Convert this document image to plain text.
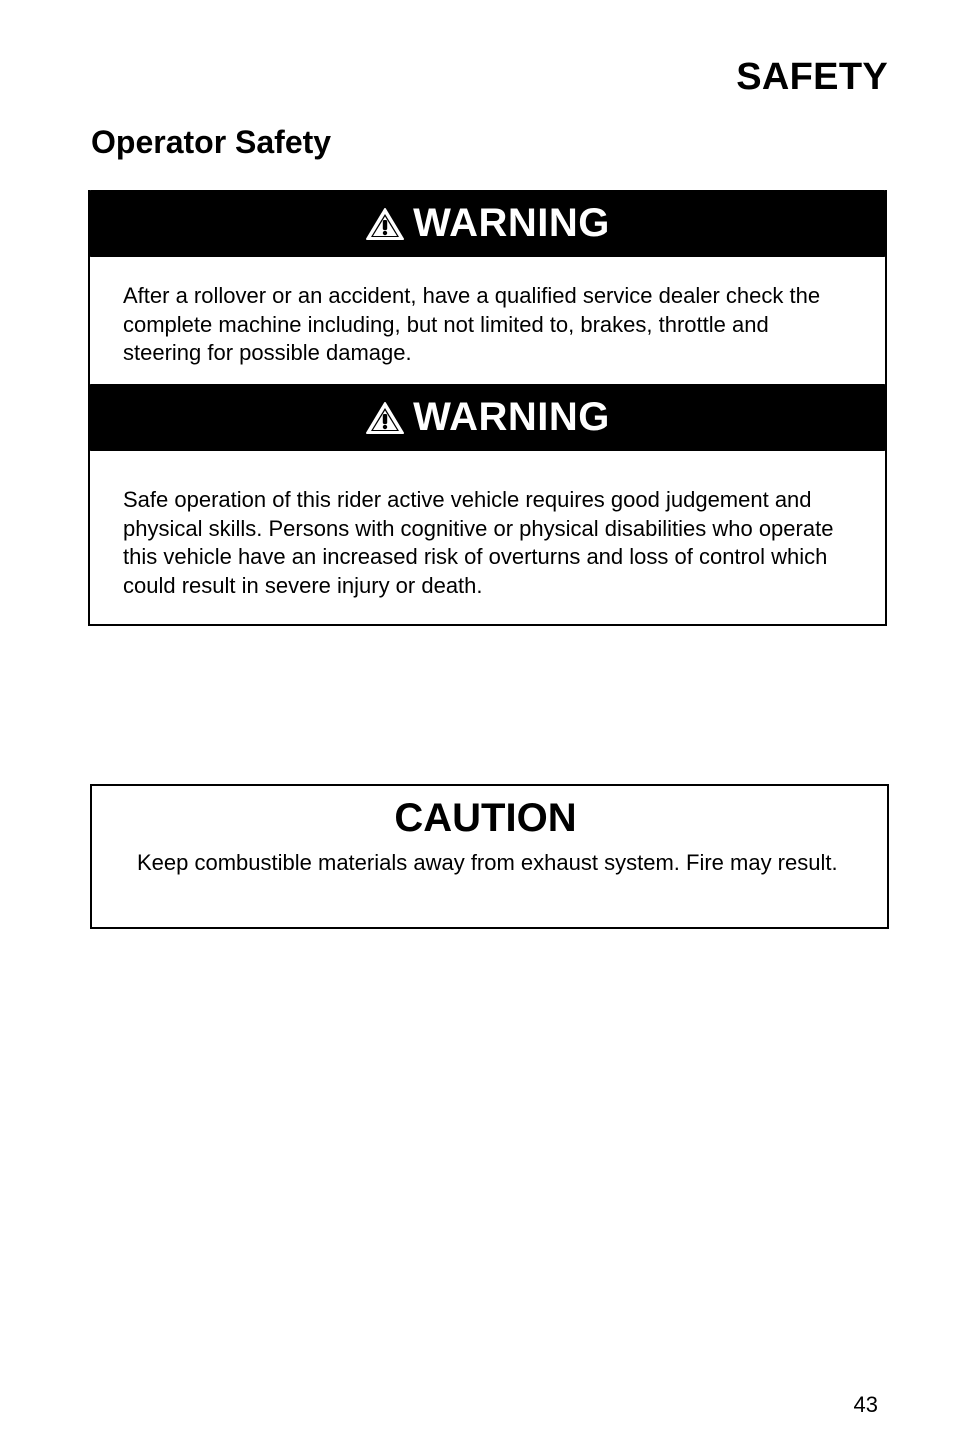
SAFETY
Operator Safety
WARNING
After a rollover or an accident, have a qualified service dealer check the complete machine including, but not limited to, brakes, throttle and steering for possible damage.
WARNING
Safe operation of this rider active vehicle requires good judgement and physical skills. Persons with cognitive or physical disabilities who operate this vehicle have an increased risk of overturns and loss of control which could result in severe injury or death.
CAUTION
Keep combustible materials away from exhaust system. Fire may result.
43
